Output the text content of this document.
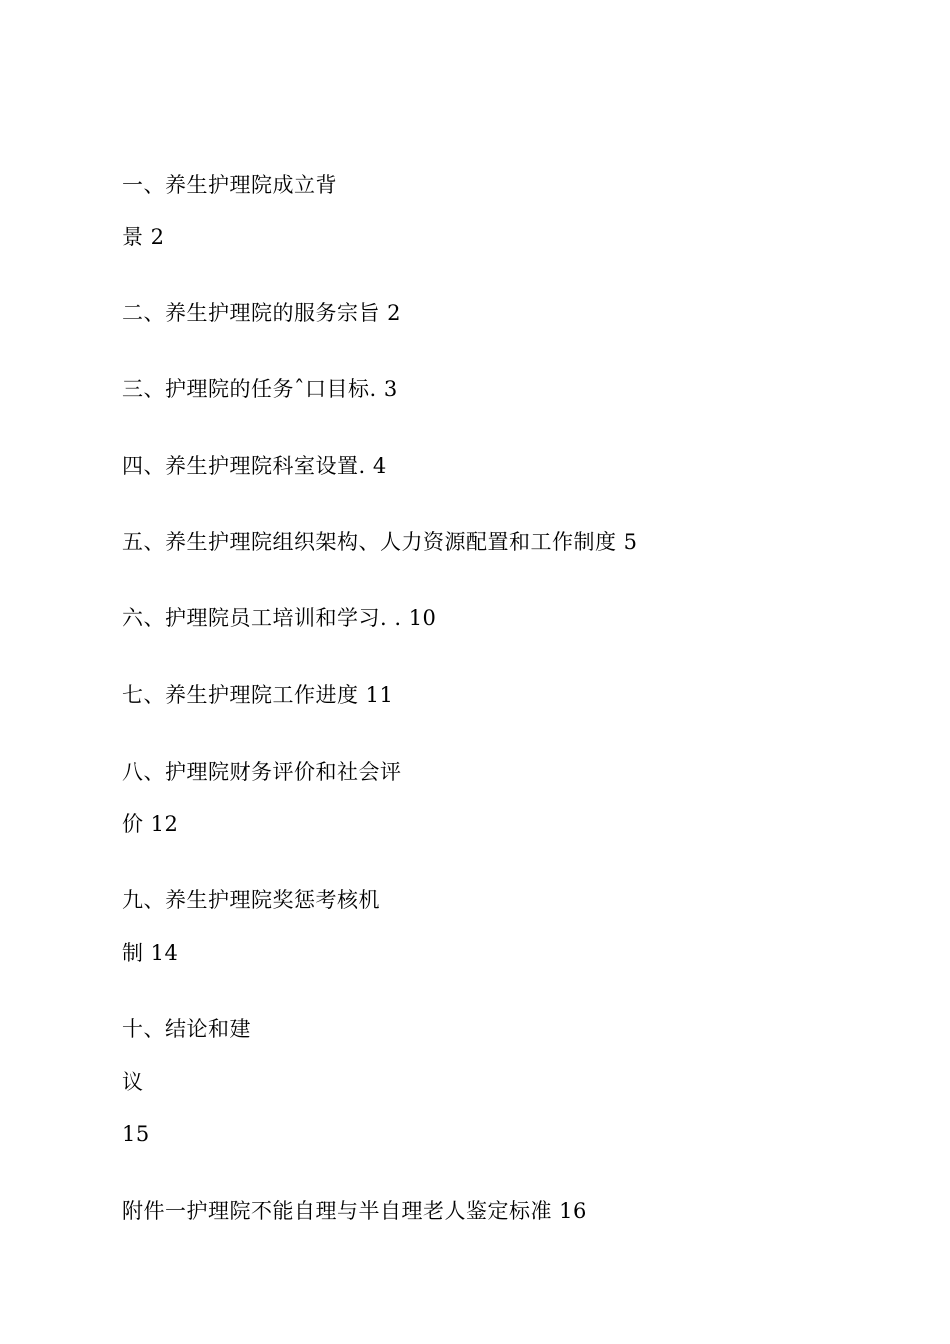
一、养生护理院成立背
景 2
二、养生护理院的服务宗旨 2
三、护理院的任务ˆ口目标. 3
四、养生护理院科室设置. 4
五、养生护理院组织架构、人力资源配置和工作制度 5
六、护理院员工培训和学习. . 10
七、养生护理院工作进度 11
八、护理院财务评价和社会评
价 12
九、养生护理院奖惩考核机
制 14
十、结论和建
议
15
附件一护理院不能自理与半自理老人鉴定标准 16
